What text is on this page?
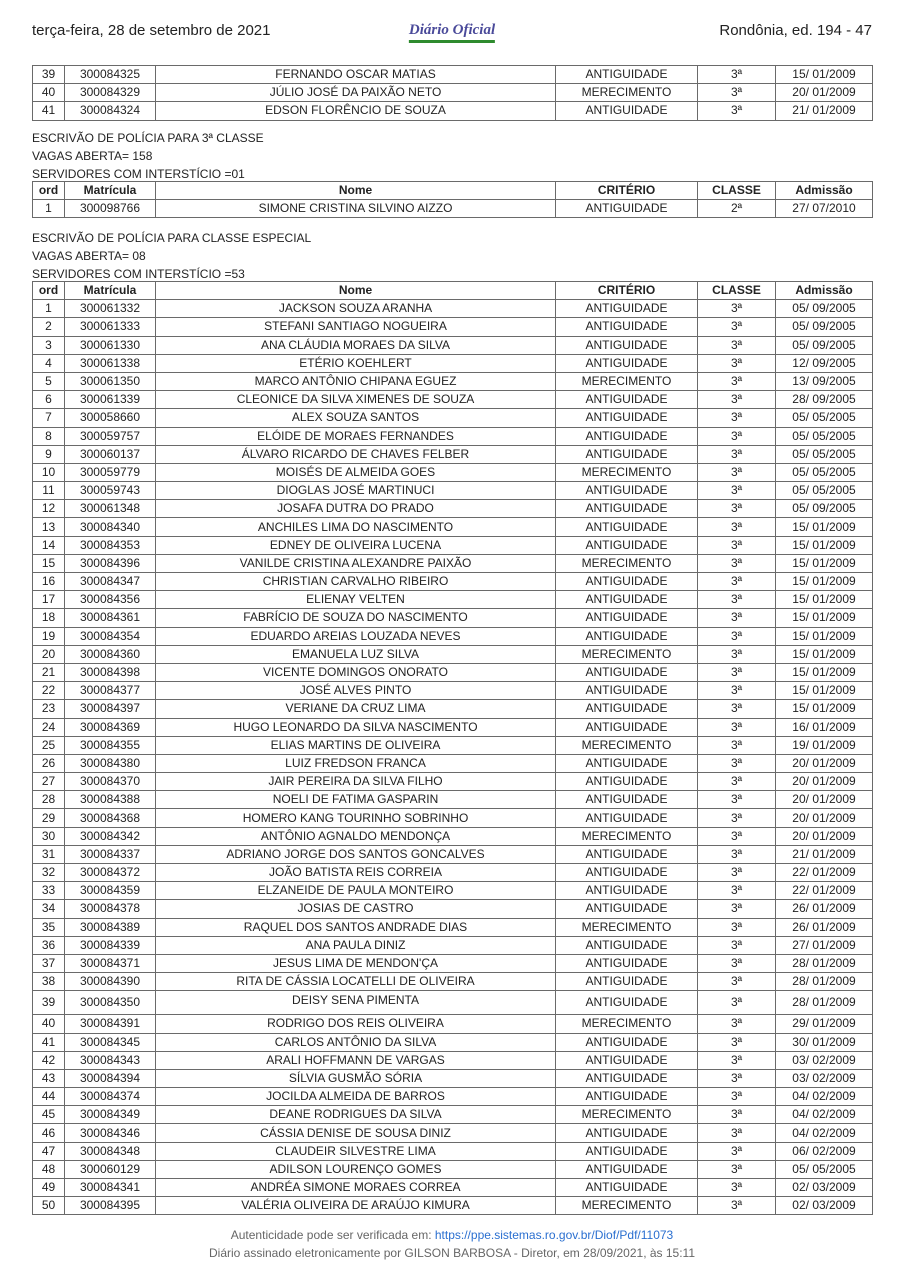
terça-feira, 28 de setembro de 2021	Diário Oficial	Rondônia, ed. 194 - 47
39	300084325	FERNANDO OSCAR MATIAS	ANTIGUIDADE	3ª	15/ 01/2009
40	300084329	JÚLIO JOSÉ DA PAIXÃO NETO	MERECIMENTO	3ª	20/ 01/2009
41	300084324	EDSON FLORÊNCIO DE SOUZA	ANTIGUIDADE	3ª	21/ 01/2009
ESCRIVÃO DE POLÍCIA PARA 3ª CLASSE
VAGAS ABERTA= 158
SERVIDORES COM INTERSTÍCIO =01
ord	Matrícula	Nome	CRITÉRIO	CLASSE	Admissão
1	300098766	SIMONE CRISTINA SILVINO AIZZO	ANTIGUIDADE	2ª	27/ 07/2010
ESCRIVÃO DE POLÍCIA PARA CLASSE ESPECIAL
VAGAS ABERTA= 08
SERVIDORES COM INTERSTÍCIO =53
ord	Matrícula	Nome	CRITÉRIO	CLASSE	Admissão
1	300061332	JACKSON SOUZA ARANHA	ANTIGUIDADE	3ª	05/ 09/2005
2	300061333	STEFANI SANTIAGO NOGUEIRA	ANTIGUIDADE	3ª	05/ 09/2005
3	300061330	ANA CLÁUDIA MORAES DA SILVA	ANTIGUIDADE	3ª	05/ 09/2005
4	300061338	ETÉRIO KOEHLERT	ANTIGUIDADE	3ª	12/ 09/2005
5	300061350	MARCO ANTÔNIO CHIPANA EGUEZ	MERECIMENTO	3ª	13/ 09/2005
6	300061339	CLEONICE DA SILVA XIMENES DE SOUZA	ANTIGUIDADE	3ª	28/ 09/2005
7	300058660	ALEX SOUZA SANTOS	ANTIGUIDADE	3ª	05/ 05/2005
8	300059757	ELÓIDE DE MORAES FERNANDES	ANTIGUIDADE	3ª	05/ 05/2005
9	300060137	ÁLVARO RICARDO DE CHAVES FELBER	ANTIGUIDADE	3ª	05/ 05/2005
10	300059779	MOISÉS DE ALMEIDA GOES	MERECIMENTO	3ª	05/ 05/2005
11	300059743	DIOGLAS JOSÉ MARTINUCI	ANTIGUIDADE	3ª	05/ 05/2005
12	300061348	JOSAFA DUTRA DO PRADO	ANTIGUIDADE	3ª	05/ 09/2005
13	300084340	ANCHILES LIMA DO NASCIMENTO	ANTIGUIDADE	3ª	15/ 01/2009
14	300084353	EDNEY DE OLIVEIRA LUCENA	ANTIGUIDADE	3ª	15/ 01/2009
15	300084396	VANILDE CRISTINA ALEXANDRE PAIXÃO	MERECIMENTO	3ª	15/ 01/2009
16	300084347	CHRISTIAN CARVALHO RIBEIRO	ANTIGUIDADE	3ª	15/ 01/2009
17	300084356	ELIENAY VELTEN	ANTIGUIDADE	3ª	15/ 01/2009
18	300084361	FABRÍCIO DE SOUZA DO NASCIMENTO	ANTIGUIDADE	3ª	15/ 01/2009
19	300084354	EDUARDO AREIAS LOUZADA NEVES	ANTIGUIDADE	3ª	15/ 01/2009
20	300084360	EMANUELA LUZ SILVA	MERECIMENTO	3ª	15/ 01/2009
21	300084398	VICENTE DOMINGOS ONORATO	ANTIGUIDADE	3ª	15/ 01/2009
22	300084377	JOSÉ ALVES PINTO	ANTIGUIDADE	3ª	15/ 01/2009
23	300084397	VERIANE DA CRUZ LIMA	ANTIGUIDADE	3ª	15/ 01/2009
24	300084369	HUGO LEONARDO DA SILVA NASCIMENTO	ANTIGUIDADE	3ª	16/ 01/2009
25	300084355	ELIAS MARTINS DE OLIVEIRA	MERECIMENTO	3ª	19/ 01/2009
26	300084380	LUIZ FREDSON FRANCA	ANTIGUIDADE	3ª	20/ 01/2009
27	300084370	JAIR PEREIRA DA SILVA FILHO	ANTIGUIDADE	3ª	20/ 01/2009
28	300084388	NOELI DE FATIMA GASPARIN	ANTIGUIDADE	3ª	20/ 01/2009
29	300084368	HOMERO KANG TOURINHO SOBRINHO	ANTIGUIDADE	3ª	20/ 01/2009
30	300084342	ANTÔNIO AGNALDO MENDONÇA	MERECIMENTO	3ª	20/ 01/2009
31	300084337	ADRIANO JORGE DOS SANTOS GONCALVES	ANTIGUIDADE	3ª	21/ 01/2009
32	300084372	JOÃO BATISTA REIS CORREIA	ANTIGUIDADE	3ª	22/ 01/2009
33	300084359	ELZANEIDE DE PAULA MONTEIRO	ANTIGUIDADE	3ª	22/ 01/2009
34	300084378	JOSIAS DE CASTRO	ANTIGUIDADE	3ª	26/ 01/2009
35	300084389	RAQUEL DOS SANTOS ANDRADE DIAS	MERECIMENTO	3ª	26/ 01/2009
36	300084339	ANA PAULA DINIZ	ANTIGUIDADE	3ª	27/ 01/2009
37	300084371	JESUS LIMA DE MENDON'ÇA	ANTIGUIDADE	3ª	28/ 01/2009
38	300084390	RITA DE CÁSSIA LOCATELLI DE OLIVEIRA	ANTIGUIDADE	3ª	28/ 01/2009
39	300084350	DEISY SENA PIMENTA	ANTIGUIDADE	3ª	28/ 01/2009
40	300084391	RODRIGO DOS REIS OLIVEIRA	MERECIMENTO	3ª	29/ 01/2009
41	300084345	CARLOS ANTÔNIO DA SILVA	ANTIGUIDADE	3ª	30/ 01/2009
42	300084343	ARALI HOFFMANN DE VARGAS	ANTIGUIDADE	3ª	03/ 02/2009
43	300084394	SÍLVIA GUSMÃO SÓRIA	ANTIGUIDADE	3ª	03/ 02/2009
44	300084374	JOCILDA ALMEIDA DE BARROS	ANTIGUIDADE	3ª	04/ 02/2009
45	300084349	DEANE RODRIGUES DA SILVA	MERECIMENTO	3ª	04/ 02/2009
46	300084346	CÁSSIA DENISE DE SOUSA DINIZ	ANTIGUIDADE	3ª	04/ 02/2009
47	300084348	CLAUDEIR SILVESTRE LIMA	ANTIGUIDADE	3ª	06/ 02/2009
48	300060129	ADILSON LOURENÇO GOMES	ANTIGUIDADE	3ª	05/ 05/2005
49	300084341	ANDRÉA SIMONE MORAES CORREA	ANTIGUIDADE	3ª	02/ 03/2009
50	300084395	VALÉRIA OLIVEIRA DE ARAÚJO KIMURA	MERECIMENTO	3ª	02/ 03/2009
Autenticidade pode ser verificada em: https://ppe.sistemas.ro.gov.br/Diof/Pdf/11073
Diário assinado eletronicamente por GILSON BARBOSA - Diretor, em 28/09/2021, às 15:11
